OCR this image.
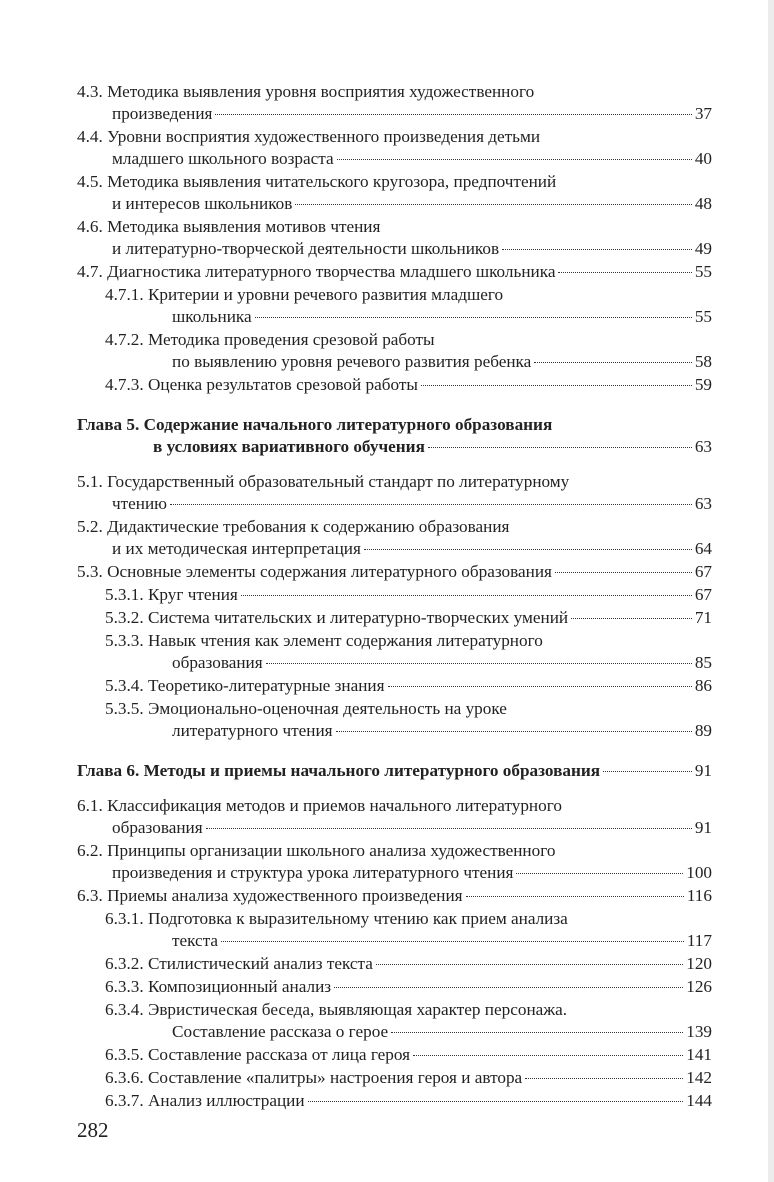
4.3. Методика выявления уровня восприятия художественного
произведения	37
4.4. Уровни восприятия художественного произведения детьми
младшего школьного возраста	40
4.5. Методика выявления читательского кругозора, предпочтений
и интересов школьников	48
4.6. Методика выявления мотивов чтения
и литературно-творческой деятельности школьников	49
4.7. Диагностика литературного творчества младшего школьника	55
4.7.1. Критерии и уровни речевого развития младшего
школьника	55
4.7.2. Методика проведения срезовой работы
по выявлению уровня речевого развития ребенка	58
4.7.3. Оценка результатов срезовой работы	59
Глава 5. Содержание начального литературного образования
в условиях вариативного обучения	63
5.1. Государственный образовательный стандарт по литературному
чтению	63
5.2. Дидактические требования к содержанию образования
и их методическая интерпретация	64
5.3. Основные элементы содержания литературного образования	67
5.3.1. Круг чтения	67
5.3.2. Система читательских и литературно-творческих умений	71
5.3.3. Навык чтения как элемент содержания литературного
образования	85
5.3.4. Теоретико-литературные знания	86
5.3.5. Эмоционально-оценочная деятельность на уроке
литературного чтения	89
Глава 6. Методы и приемы начального литературного образования	91
6.1. Классификация методов и приемов начального литературного
образования	91
6.2. Принципы организации школьного анализа художественного
произведения и структура урока литературного чтения	100
6.3. Приемы анализа художественного произведения	116
6.3.1. Подготовка к выразительному чтению как прием анализа
текста	117
6.3.2. Стилистический анализ текста	120
6.3.3. Композиционный анализ	126
6.3.4. Эвристическая беседа, выявляющая характер персонажа.
Составление рассказа о герое	139
6.3.5. Составление рассказа от лица героя	141
6.3.6. Составление «палитры» настроения героя и автора	142
6.3.7. Анализ иллюстрации	144
282
